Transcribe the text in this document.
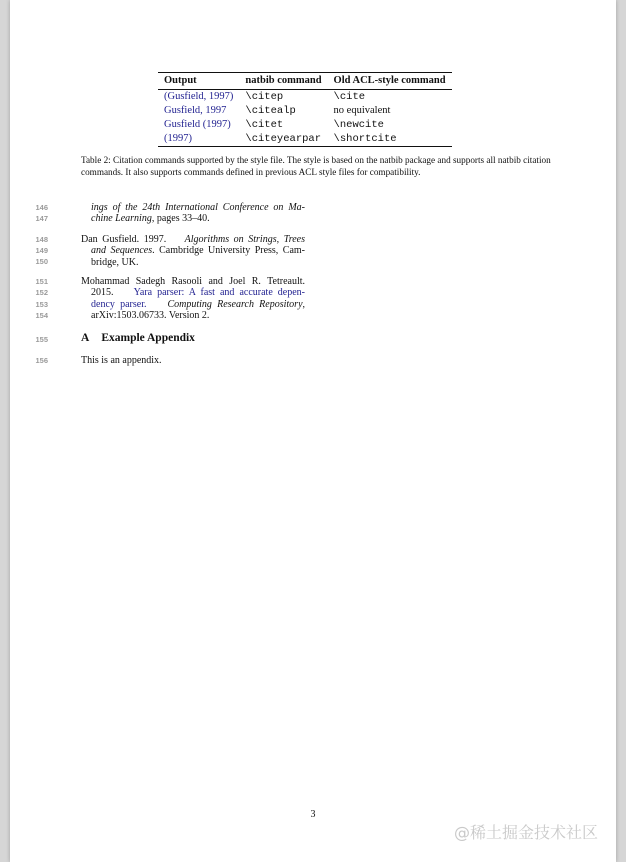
Output	natbib command	Old ACL-style command
(Gusfield, 1997)	\citep	\cite
Gusfield, 1997	\citealp	no equivalent
Gusfield (1997)	\citet	\newcite
(1997)	\citeyearpar	\shortcite
Table 2: Citation commands supported by the style file. The style is based on the natbib package and supports all natbib citation commands. It also supports commands defined in previous ACL style files for compatibility.
146
147
148
149
150
151
152
153
154
155
156
ings of the 24th International Conference on Ma-
chine Learning, pages 33–40.
Dan Gusfield. 1997. Algorithms on Strings, Trees
and Sequences. Cambridge University Press, Cam-
bridge, UK.
Mohammad Sadegh Rasooli and Joel R. Tetreault.
2015. Yara parser: A fast and accurate depen-
dency parser. Computing Research Repository,
arXiv:1503.06733. Version 2.
A Example Appendix
This is an appendix.
3
@稀土掘金技术社区
